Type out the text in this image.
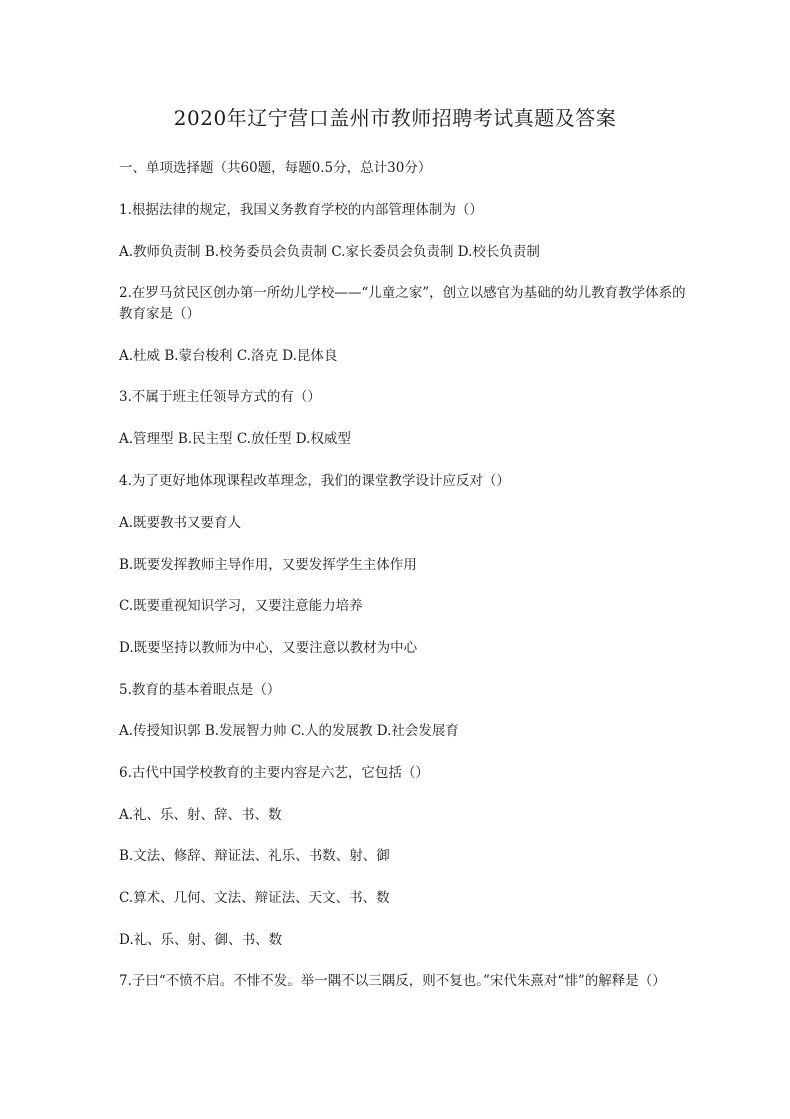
2020年辽宁营口盖州市教师招聘考试真题及答案
一、单项选择题（共60题，每题0.5分，总计30分）
1.根据法律的规定，我国义务教育学校的内部管理体制为（）
A.教师负责制 B.校务委员会负责制 C.家长委员会负责制 D.校长负责制
2.在罗马贫民区创办第一所幼儿学校——“儿童之家”，创立以感官为基础的幼儿教育教学体系的教育家是（）
A.杜威 B.蒙台梭利 C.洛克 D.昆体良
3.不属于班主任领导方式的有（）
A.管理型 B.民主型 C.放任型 D.权威型
4.为了更好地体现课程改革理念，我们的课堂教学设计应反对（）
A.既要教书又要育人
B.既要发挥教师主导作用，又要发挥学生主体作用
C.既要重视知识学习，又要注意能力培养
D.既要坚持以教师为中心，又要注意以教材为中心
5.教育的基本着眼点是（）
A.传授知识郭 B.发展智力帅 C.人的发展教 D.社会发展育
6.古代中国学校教育的主要内容是六艺，它包括（）
A.礼、乐、射、辞、书、数
B.文法、修辞、辩证法、礼乐、书数、射、御
C.算术、几何、文法、辩证法、天文、书、数
D.礼、乐、射、御、书、数
7.子曰“不愤不启。不悱不发。举一隅不以三隅反，则不复也。”宋代朱熹对“悱”的解释是（）
